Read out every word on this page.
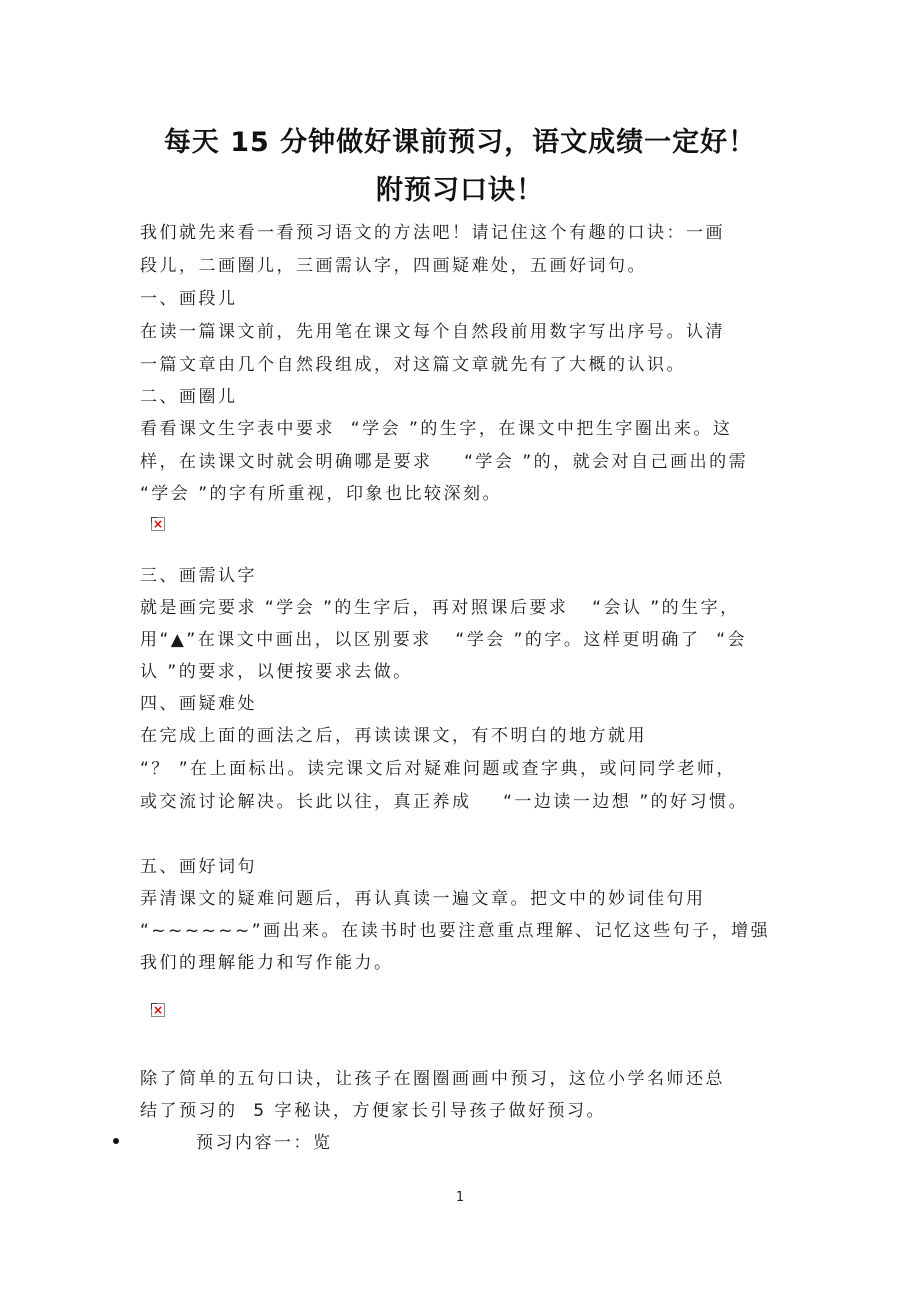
每天 15 分钟做好课前预习，语文成绩一定好！
附预习口诀！
我们就先来看一看预习语文的方法吧！请记住这个有趣的口诀：一画
段儿，二画圈儿，三画需认字，四画疑难处，五画好词句。
一、画段儿
在读一篇课文前，先用笔在课文每个自然段前用数字写出序号。认清
一篇文章由几个自然段组成，对这篇文章就先有了大概的认识。
二、画圈儿
看看课文生字表中要求  “学会 ”的生字，在课文中把生字圈出来。这
样，在读课文时就会明确哪是要求    “学会 ”的，就会对自己画出的需
“学会 ”的字有所重视，印象也比较深刻。
×
三、画需认字
就是画完要求 “学会 ”的生字后，再对照课后要求   “会认 ”的生字，
用“▲”在课文中画出，以区别要求   “学会 ”的字。这样更明确了  “会
认 ”的要求，以便按要求去做。
四、画疑难处
在完成上面的画法之后，再读读课文，有不明白的地方就用
“？ ”在上面标出。读完课文后对疑难问题或查字典，或问同学老师，
或交流讨论解决。长此以往，真正养成    “一边读一边想 ”的好习惯。
五、画好词句
弄清课文的疑难问题后，再认真读一遍文章。把文中的妙词佳句用
“~~~~~~”画出来。在读书时也要注意重点理解、记忆这些句子，增强
我们的理解能力和写作能力。
×
除了简单的五句口诀，让孩子在圈圈画画中预习，这位小学名师还总
结了预习的  5 字秘诀，方便家长引导孩子做好预习。
预习内容一：览
1
